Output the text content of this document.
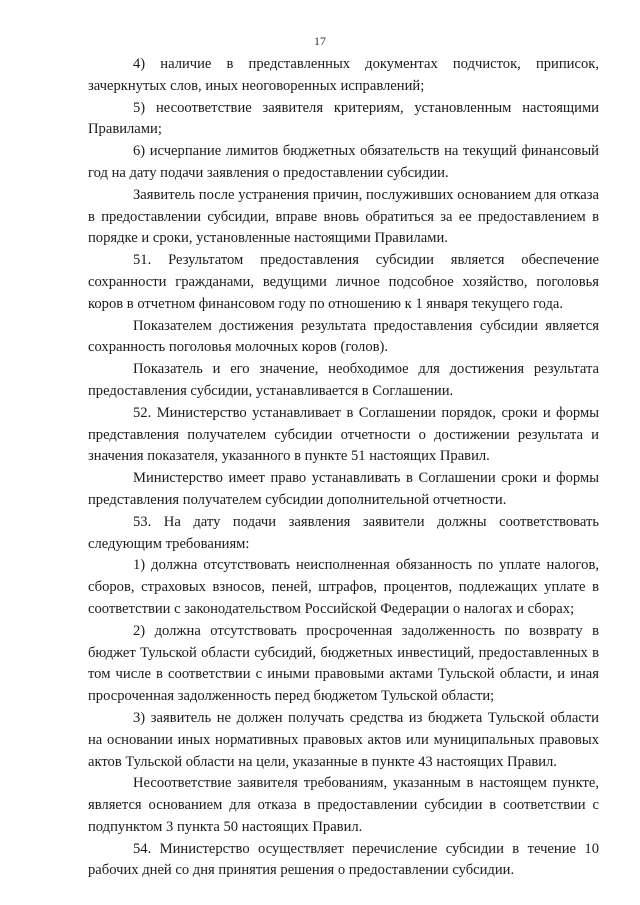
17

4) наличие в представленных документах подчисток, приписок, зачеркнутых слов, иных неоговоренных исправлений;

5) несоответствие заявителя критериям, установленным настоящими Правилами;

6) исчерпание лимитов бюджетных обязательств на текущий финансовый год на дату подачи заявления о предоставлении субсидии.

Заявитель после устранения причин, послуживших основанием для отказа в предоставлении субсидии, вправе вновь обратиться за ее предоставлением в порядке и сроки, установленные настоящими Правилами.

51. Результатом предоставления субсидии является обеспечение сохранности гражданами, ведущими личное подсобное хозяйство, поголовья коров в отчетном финансовом году по отношению к 1 января текущего года.

Показателем достижения результата предоставления субсидии является сохранность поголовья молочных коров (голов).

Показатель и его значение, необходимое для достижения результата предоставления субсидии, устанавливается в Соглашении.

52. Министерство устанавливает в Соглашении порядок, сроки и формы представления получателем субсидии отчетности о достижении результата и значения показателя, указанного в пункте 51 настоящих Правил.

Министерство имеет право устанавливать в Соглашении сроки и формы представления получателем субсидии дополнительной отчетности.

53. На дату подачи заявления заявители должны соответствовать следующим требованиям:

1) должна отсутствовать неисполненная обязанность по уплате налогов, сборов, страховых взносов, пеней, штрафов, процентов, подлежащих уплате в соответствии с законодательством Российской Федерации о налогах и сборах;

2) должна отсутствовать просроченная задолженность по возврату в бюджет Тульской области субсидий, бюджетных инвестиций, предоставленных в том числе в соответствии с иными правовыми актами Тульской области, и иная просроченная задолженность перед бюджетом Тульской области;

3) заявитель не должен получать средства из бюджета Тульской области на основании иных нормативных правовых актов или муниципальных правовых актов Тульской области на цели, указанные в пункте 43 настоящих Правил.

Несоответствие заявителя требованиям, указанным в настоящем пункте, является основанием для отказа в предоставлении субсидии в соответствии с подпунктом 3 пункта 50 настоящих Правил.

54. Министерство осуществляет перечисление субсидии в течение 10 рабочих дней со дня принятия решения о предоставлении субсидии.
